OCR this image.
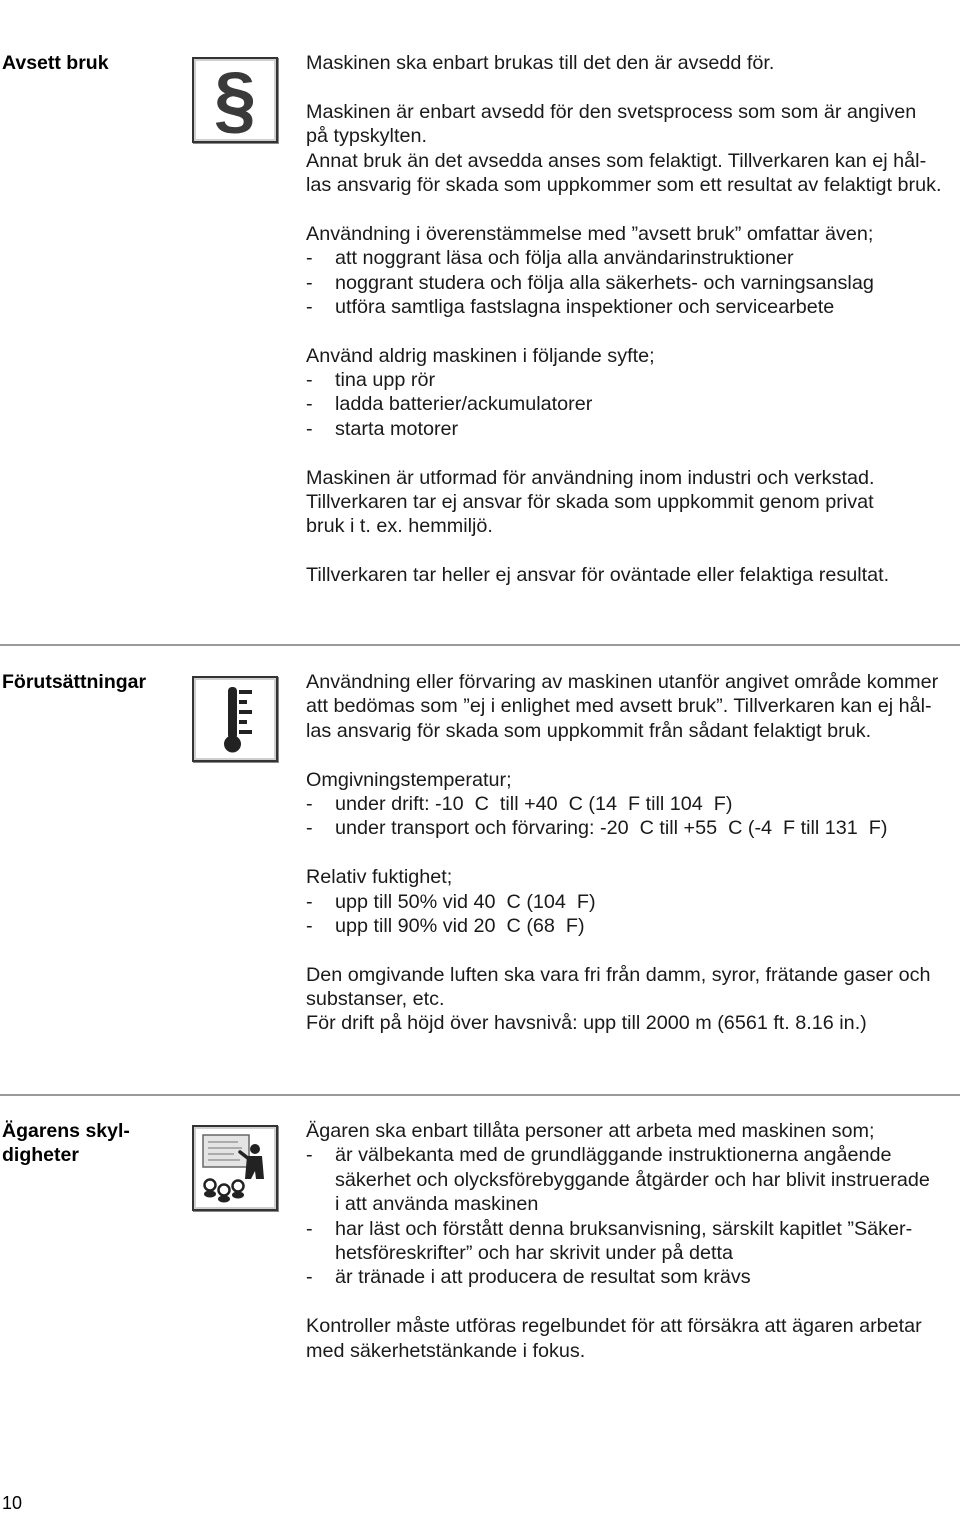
Avsett bruk	§	Maskinen ska enbart brukas till det den är avsedd för.
Maskinen är enbart avsedd för den svetsprocess som som är angiven
på typskylten.
Annat bruk än det avsedda anses som felaktigt. Tillverkaren kan ej hål-
las ansvarig för skada som uppkommer som ett resultat av felaktigt bruk.
Användning i överenstämmelse med ”avsett bruk” omfattar även;
-	att noggrant läsa och följa alla användarinstruktioner
-	noggrant studera och följa alla säkerhets- och varningsanslag
-	utföra samtliga fastslagna inspektioner och servicearbete
Använd aldrig maskinen i följande syfte;
-	tina upp rör
-	ladda batterier/ackumulatorer
-	starta motorer
Maskinen är utformad för användning inom industri och verkstad.
Tillverkaren tar ej ansvar för skada som uppkommit genom privat
bruk i t. ex. hemmiljö.
Tillverkaren tar heller ej ansvar för oväntade eller felaktiga resultat.
Förutsättningar	Användning eller förvaring av maskinen utanför angivet område kommer
att bedömas som ”ej i enlighet med avsett bruk”. Tillverkaren kan ej hål-
las ansvarig för skada som uppkommit från sådant felaktigt bruk.
Omgivningstemperatur;
-	under drift: -10  C  till +40  C (14  F till 104  F)
-	under transport och förvaring: -20  C till +55  C (-4  F till 131  F)
Relativ fuktighet;
-	upp till 50% vid 40  C (104  F)
-	upp till 90% vid 20  C (68  F)
Den omgivande luften ska vara fri från damm, syror, frätande gaser och
substanser, etc.
För drift på höjd över havsnivå: upp till 2000 m (6561 ft. 8.16 in.)
Ägarens skyl-
digheter
Ägaren ska enbart tillåta personer att arbeta med maskinen som;
-	är välbekanta med de grundläggande instruktionerna angående
säkerhet och olycksförebyggande åtgärder och har blivit instruerade
i att använda maskinen
-	har läst och förstått denna bruksanvisning, särskilt kapitlet ”Säker-
hetsföreskrifter” och har skrivit under på detta
-	är tränade i att producera de resultat som krävs
Kontroller måste utföras regelbundet för att försäkra att ägaren arbetar
med säkerhetstänkande i fokus.
10
